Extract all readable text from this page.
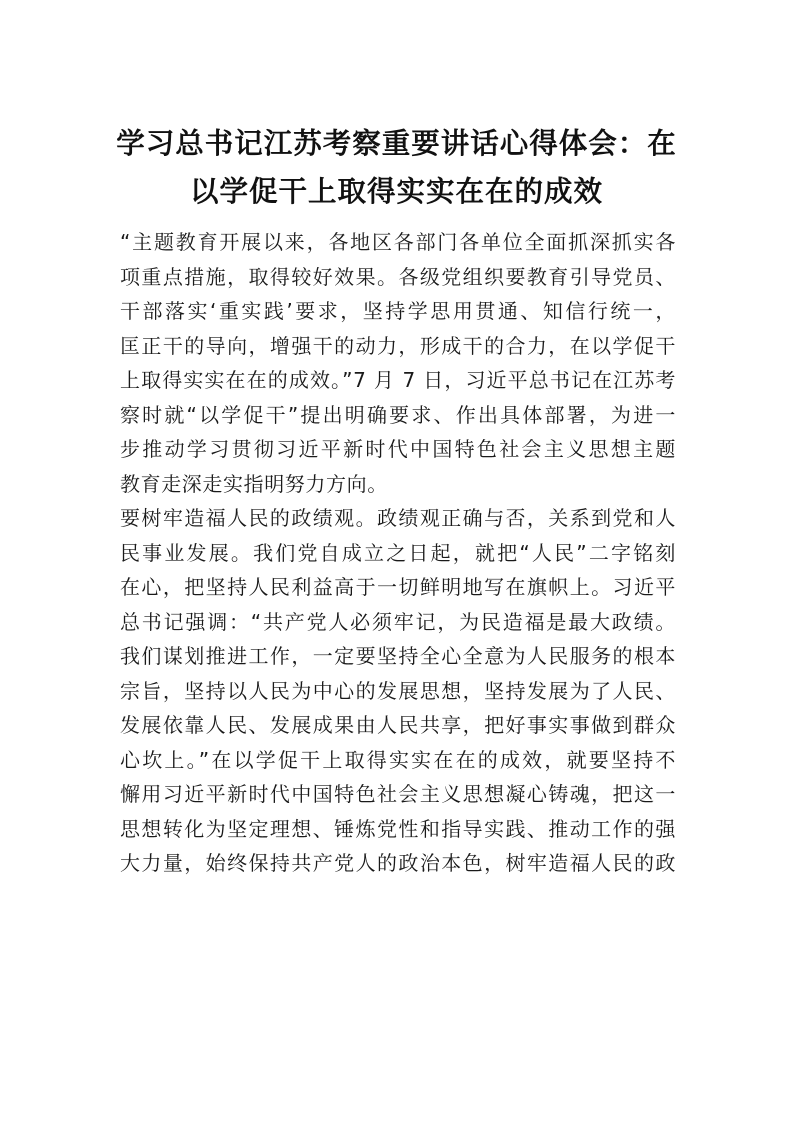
学习总书记江苏考察重要讲话心得体会：在
以学促干上取得实实在在的成效
“主题教育开展以来，各地区各部门各单位全面抓深抓实各
项重点措施，取得较好效果。各级党组织要教育引导党员、
干部落实‘重实践’要求，坚持学思用贯通、知信行统一，
匡正干的导向，增强干的动力，形成干的合力，在以学促干
上取得实实在在的成效。”7 月 7 日，习近平总书记在江苏考
察时就“以学促干”提出明确要求、作出具体部署，为进一
步推动学习贯彻习近平新时代中国特色社会主义思想主题
教育走深走实指明努力方向。
要树牢造福人民的政绩观。政绩观正确与否，关系到党和人
民事业发展。我们党自成立之日起，就把“人民”二字铭刻
在心，把坚持人民利益高于一切鲜明地写在旗帜上。习近平
总书记强调：“共产党人必须牢记，为民造福是最大政绩。
我们谋划推进工作，一定要坚持全心全意为人民服务的根本
宗旨，坚持以人民为中心的发展思想，坚持发展为了人民、
发展依靠人民、发展成果由人民共享，把好事实事做到群众
心坎上。”在以学促干上取得实实在在的成效，就要坚持不
懈用习近平新时代中国特色社会主义思想凝心铸魂，把这一
思想转化为坚定理想、锤炼党性和指导实践、推动工作的强
大力量，始终保持共产党人的政治本色，树牢造福人民的政
